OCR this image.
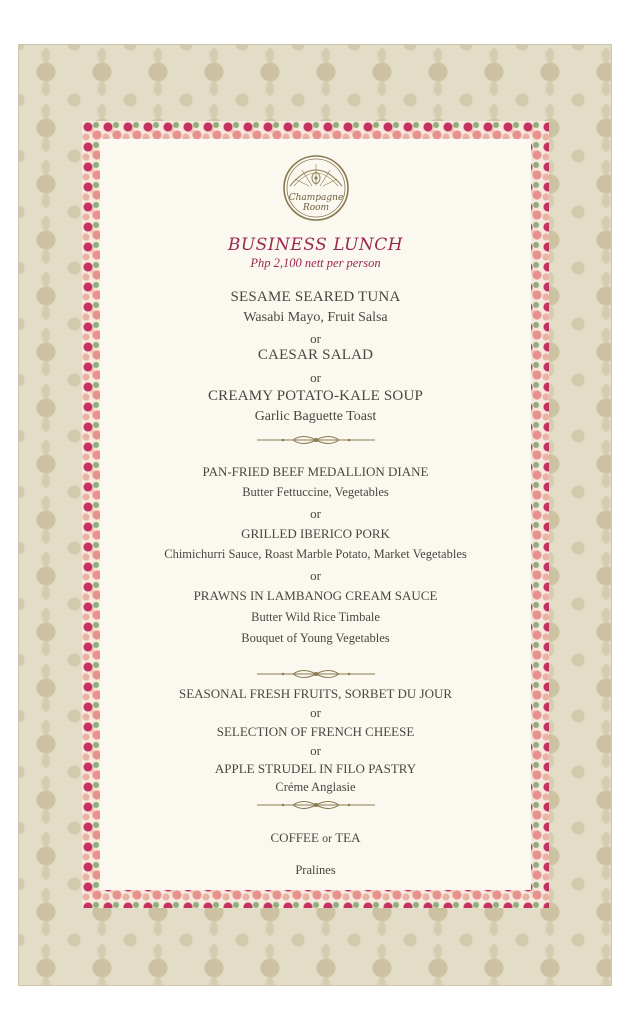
Champagne
Room
BUSINESS LUNCH
Php 2,100 nett per person
SESAME SEARED TUNA
Wasabi Mayo, Fruit Salsa
or
CAESAR SALAD
or
CREAMY POTATO-KALE SOUP
Garlic Baguette Toast
PAN-FRIED BEEF MEDALLION DIANE
Butter Fettuccine, Vegetables
or
GRILLED IBERICO PORK
Chimichurri Sauce, Roast Marble Potato, Market Vegetables
or
PRAWNS IN LAMBANOG CREAM SAUCE
Butter Wild Rice Timbale
Bouquet of Young Vegetables
SEASONAL FRESH FRUITS, SORBET DU JOUR
or
SELECTION OF FRENCH CHEESE
or
APPLE STRUDEL IN FILO PASTRY
Créme Anglasie
COFFEE or TEA
Pralines
